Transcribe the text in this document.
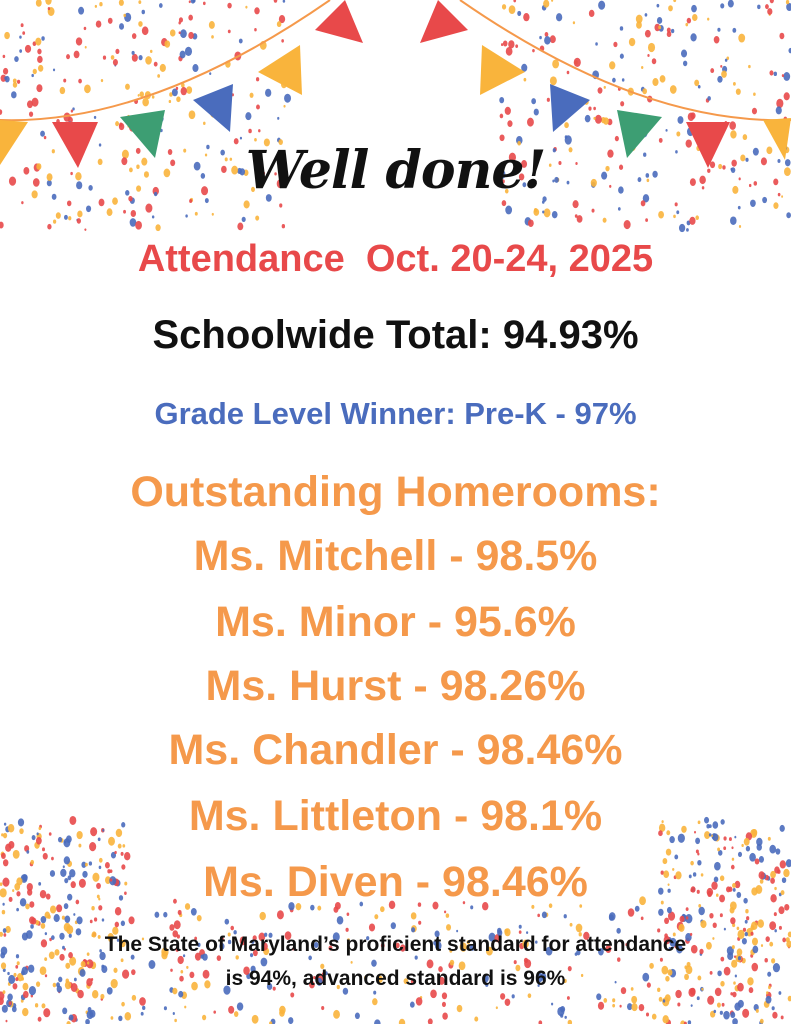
Well done!
Attendance  Oct. 20-24, 2025
Schoolwide Total: 94.93%
Grade Level Winner: Pre-K - 97%
Outstanding Homerooms:
Ms. Mitchell - 98.5%
Ms. Minor - 95.6%
Ms. Hurst - 98.26%
Ms. Chandler - 98.46%
Ms. Littleton - 98.1%
Ms. Diven - 98.46%
The State of Maryland’s proficient standard for attendance
is 94%, advanced standard is 96%
